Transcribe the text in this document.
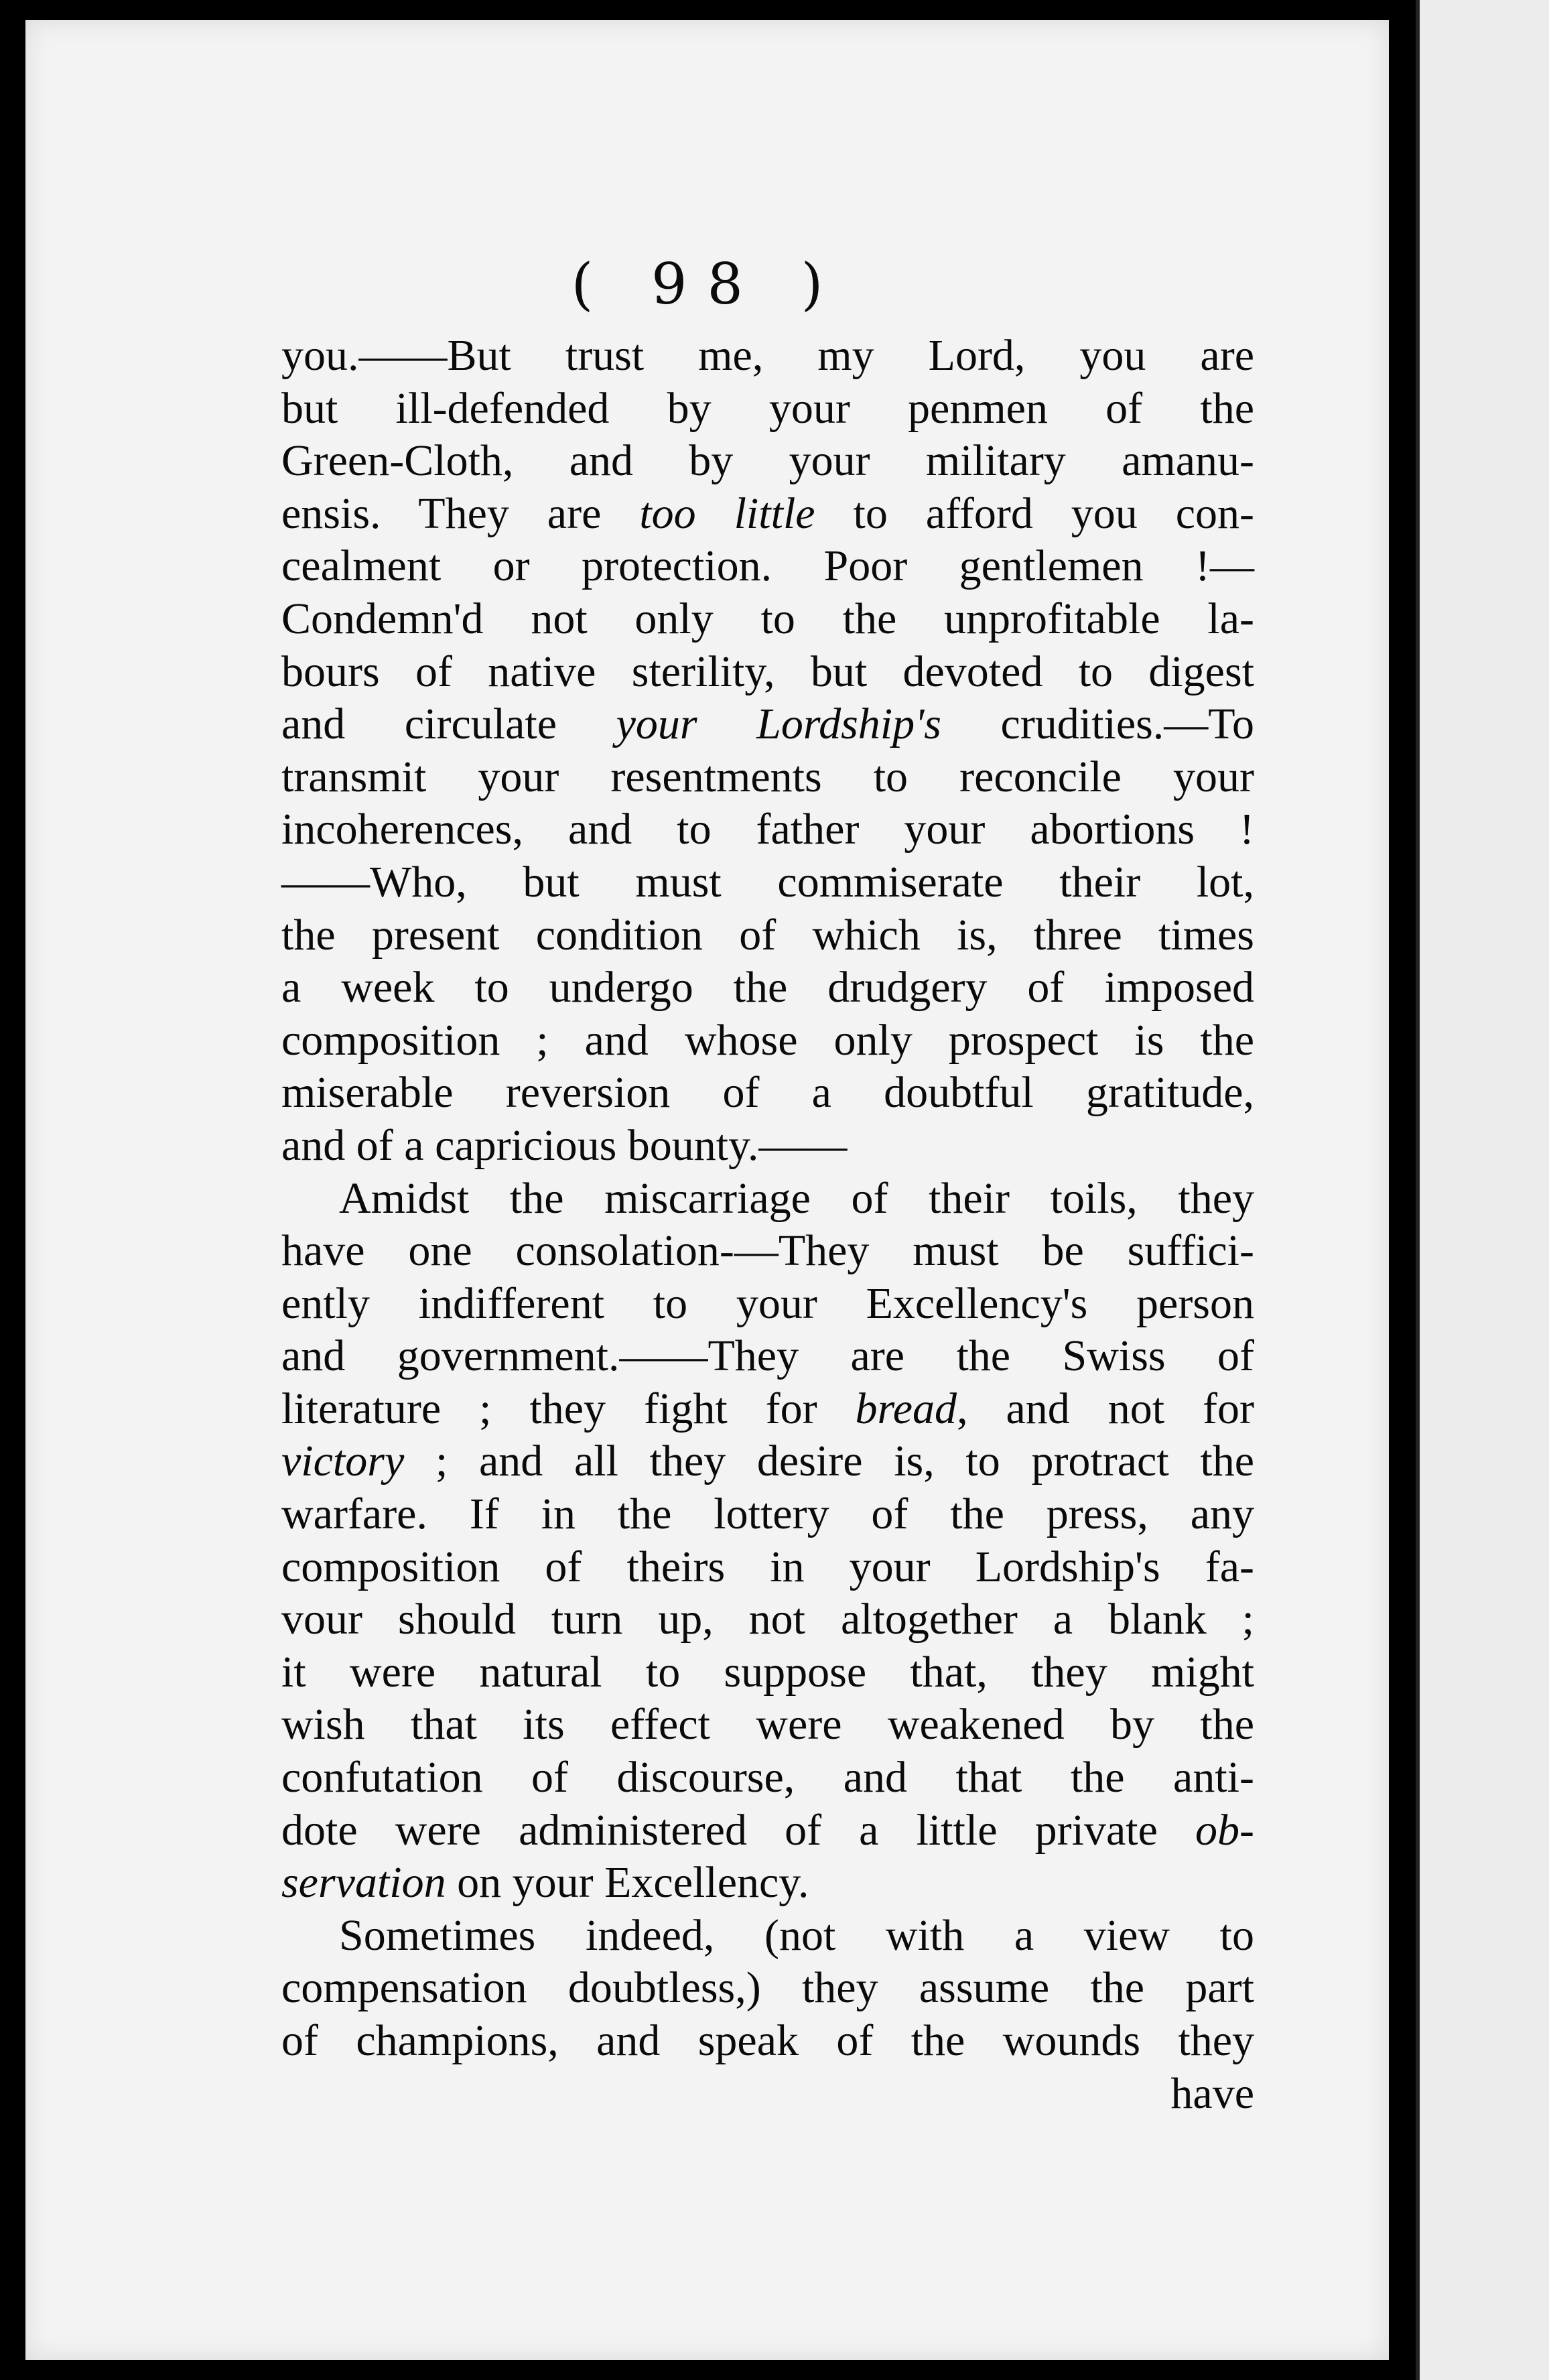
( 98 )
you.——But trust me, my Lord, you are
but ill-defended by your penmen of the
Green-Cloth, and by your military amanu-
ensis. They are too little to afford you con-
cealment or protection. Poor gentlemen !—
Condemn'd not only to the unprofitable la-
bours of native sterility, but devoted to digest
and circulate your Lordship's crudities.—To
transmit your resentments to reconcile your
incoherences, and to father your abortions !
——Who, but must commiserate their lot,
the present condition of which is, three times
a week to undergo the drudgery of imposed
composition ; and whose only prospect is the
miserable reversion of a doubtful gratitude,
and of a capricious bounty.——
Amidst the miscarriage of their toils, they
have one consolation-—They must be suffici-
ently indifferent to your Excellency's person
and government.——They are the Swiss of
literature ; they fight for bread, and not for
victory ; and all they desire is, to protract the
warfare. If in the lottery of the press, any
composition of theirs in your Lordship's fa-
vour should turn up, not altogether a blank ;
it were natural to suppose that, they might
wish that its effect were weakened by the
confutation of discourse, and that the anti-
dote were administered of a little private ob-
servation on your Excellency.
Sometimes indeed, (not with a view to
compensation doubtless,) they assume the part
of champions, and speak of the wounds they
have
